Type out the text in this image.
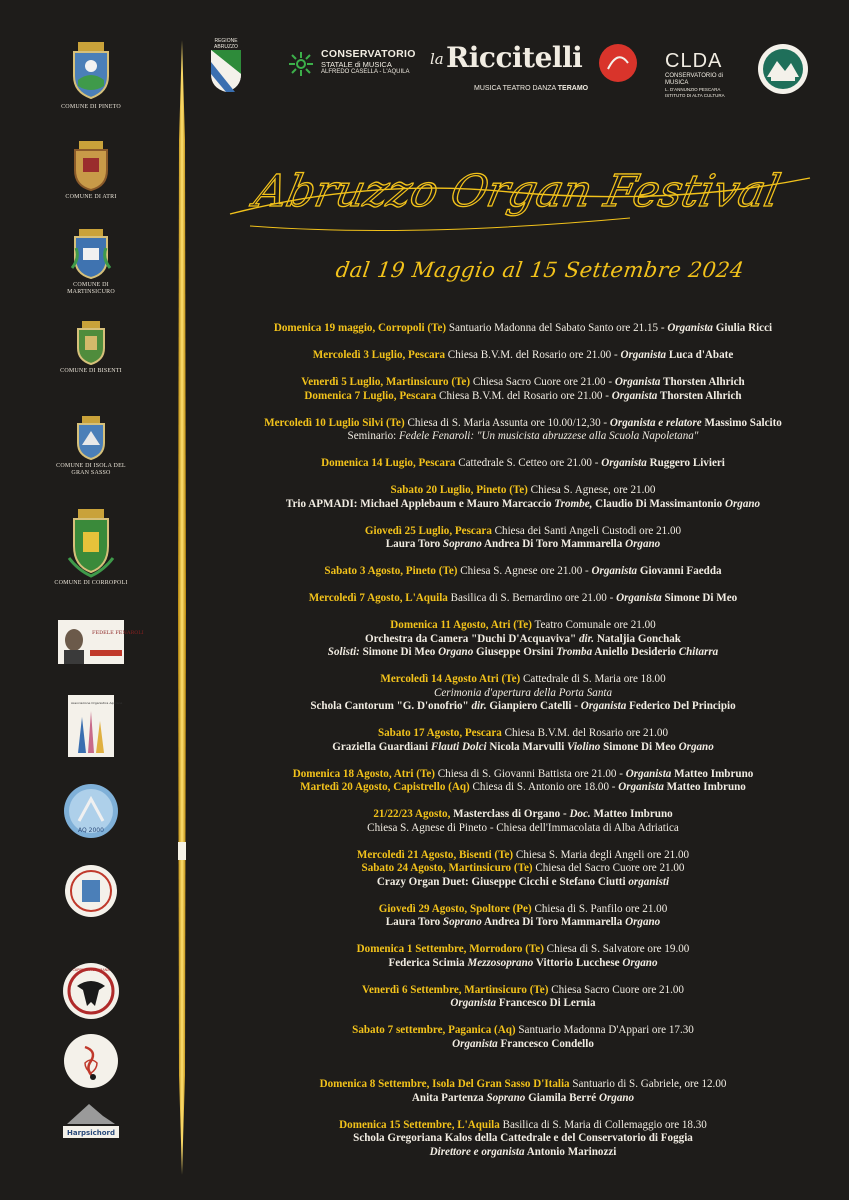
COMUNE DI PINETO
COMUNE DI ATRI
COMUNE DI MARTINSICURO
COMUNE DI BISENTI
COMUNE DI ISOLA DEL GRAN SASSO
COMUNE DI CORROPOLI
FEDELE FENAROLI
Associazione Organistica Aquilana
AQ 2000
CAPPELLA TERAMANA
Harpsichord
REGIONE ABRUZZO
CONSERVATORIO
STATALE di MUSICA
ALFREDO CASELLA - L'AQUILA
la Riccitelli
MUSICA TEATRO DANZA TERAMO
CLDA
CONSERVATORIO di MUSICA
L. D'ANNUNZIO PESCARA
ISTITUTO DI ALTA CULTURA
Abruzzo Organ Festival
dal 19 Maggio al 15 Settembre 2024
Domenica 19 maggio, Corropoli (Te) Santuario Madonna del Sabato Santo ore 21.15 - Organista Giulia Ricci
Mercoledì 3 Luglio, Pescara Chiesa B.V.M. del Rosario ore 21.00 - Organista Luca d'Abate
Venerdì 5 Luglio, Martinsicuro (Te) Chiesa Sacro Cuore ore 21.00 - Organista Thorsten Alhrich
Domenica 7 Luglio, Pescara Chiesa B.V.M. del Rosario ore 21.00 - Organista Thorsten Alhrich
Mercoledì 10 Luglio Silvi (Te) Chiesa di S. Maria Assunta ore 10.00/12,30 - Organista e relatore Massimo Salcito
Seminario: Fedele Fenaroli: "Un musicista abruzzese alla Scuola Napoletana"
Domenica 14 Lugio, Pescara Cattedrale S. Cetteo ore 21.00 - Organista Ruggero Livieri
Sabato 20 Luglio, Pineto (Te) Chiesa S. Agnese, ore 21.00
Trio APMADI: Michael Applebaum e Mauro Marcaccio Trombe, Claudio Di Massimantonio Organo
Giovedì 25 Luglio, Pescara Chiesa dei Santi Angeli Custodi ore 21.00
Laura Toro Soprano Andrea Di Toro Mammarella Organo
Sabato 3 Agosto, Pineto (Te) Chiesa S. Agnese ore 21.00 - Organista Giovanni Faedda
Mercoledì 7 Agosto, L'Aquila Basilica di S. Bernardino ore 21.00 - Organista Simone Di Meo
Domenica 11 Agosto, Atri (Te) Teatro Comunale ore 21.00
Orchestra da Camera "Duchi D'Acquaviva" dir. Nataljia Gonchak
Solisti: Simone Di Meo Organo Giuseppe Orsini Tromba Aniello Desiderio Chitarra
Mercoledì 14 Agosto Atri (Te) Cattedrale di S. Maria ore 18.00
Cerimonia d'apertura della Porta Santa
Schola Cantorum "G. D'onofrio" dir. Gianpiero Catelli - Organista Federico Del Principio
Sabato 17 Agosto, Pescara Chiesa B.V.M. del Rosario ore 21.00
Graziella Guardiani Flauti Dolci Nicola Marvulli Violino Simone Di Meo Organo
Domenica 18 Agosto, Atri (Te) Chiesa di S. Giovanni Battista ore 21.00 - Organista Matteo Imbruno
Martedì 20 Agosto, Capistrello (Aq) Chiesa di S. Antonio ore 18.00 - Organista Matteo Imbruno
21/22/23 Agosto, Masterclass di Organo - Doc. Matteo Imbruno
Chiesa S. Agnese di Pineto - Chiesa dell'Immacolata di Alba Adriatica
Mercoledì 21 Agosto, Bisenti (Te) Chiesa S. Maria degli Angeli ore 21.00
Sabato 24 Agosto, Martinsicuro (Te) Chiesa del Sacro Cuore ore 21.00
Crazy Organ Duet: Giuseppe Cicchi e Stefano Ciutti organisti
Giovedì 29 Agosto, Spoltore (Pe) Chiesa di S. Panfilo ore 21.00
Laura Toro Soprano Andrea Di Toro Mammarella Organo
Domenica 1 Settembre, Morrodoro (Te) Chiesa di S. Salvatore ore 19.00
Federica Scimia Mezzosoprano Vittorio Lucchese Organo
Venerdì 6 Settembre, Martinsicuro (Te) Chiesa Sacro Cuore ore 21.00
Organista Francesco Di Lernia
Sabato 7 settembre, Paganica (Aq) Santuario Madonna D'Appari ore 17.30
Organista Francesco Condello
Domenica 8 Settembre, Isola Del Gran Sasso D'Italia Santuario di S. Gabriele, ore 12.00
Anita Partenza Soprano Giamila Berré Organo
Domenica 15 Settembre, L'Aquila Basilica di S. Maria di Collemaggio ore 18.30
Schola Gregoriana Kalos della Cattedrale e del Conservatorio di Foggia
Direttore e organista Antonio Marinozzi
